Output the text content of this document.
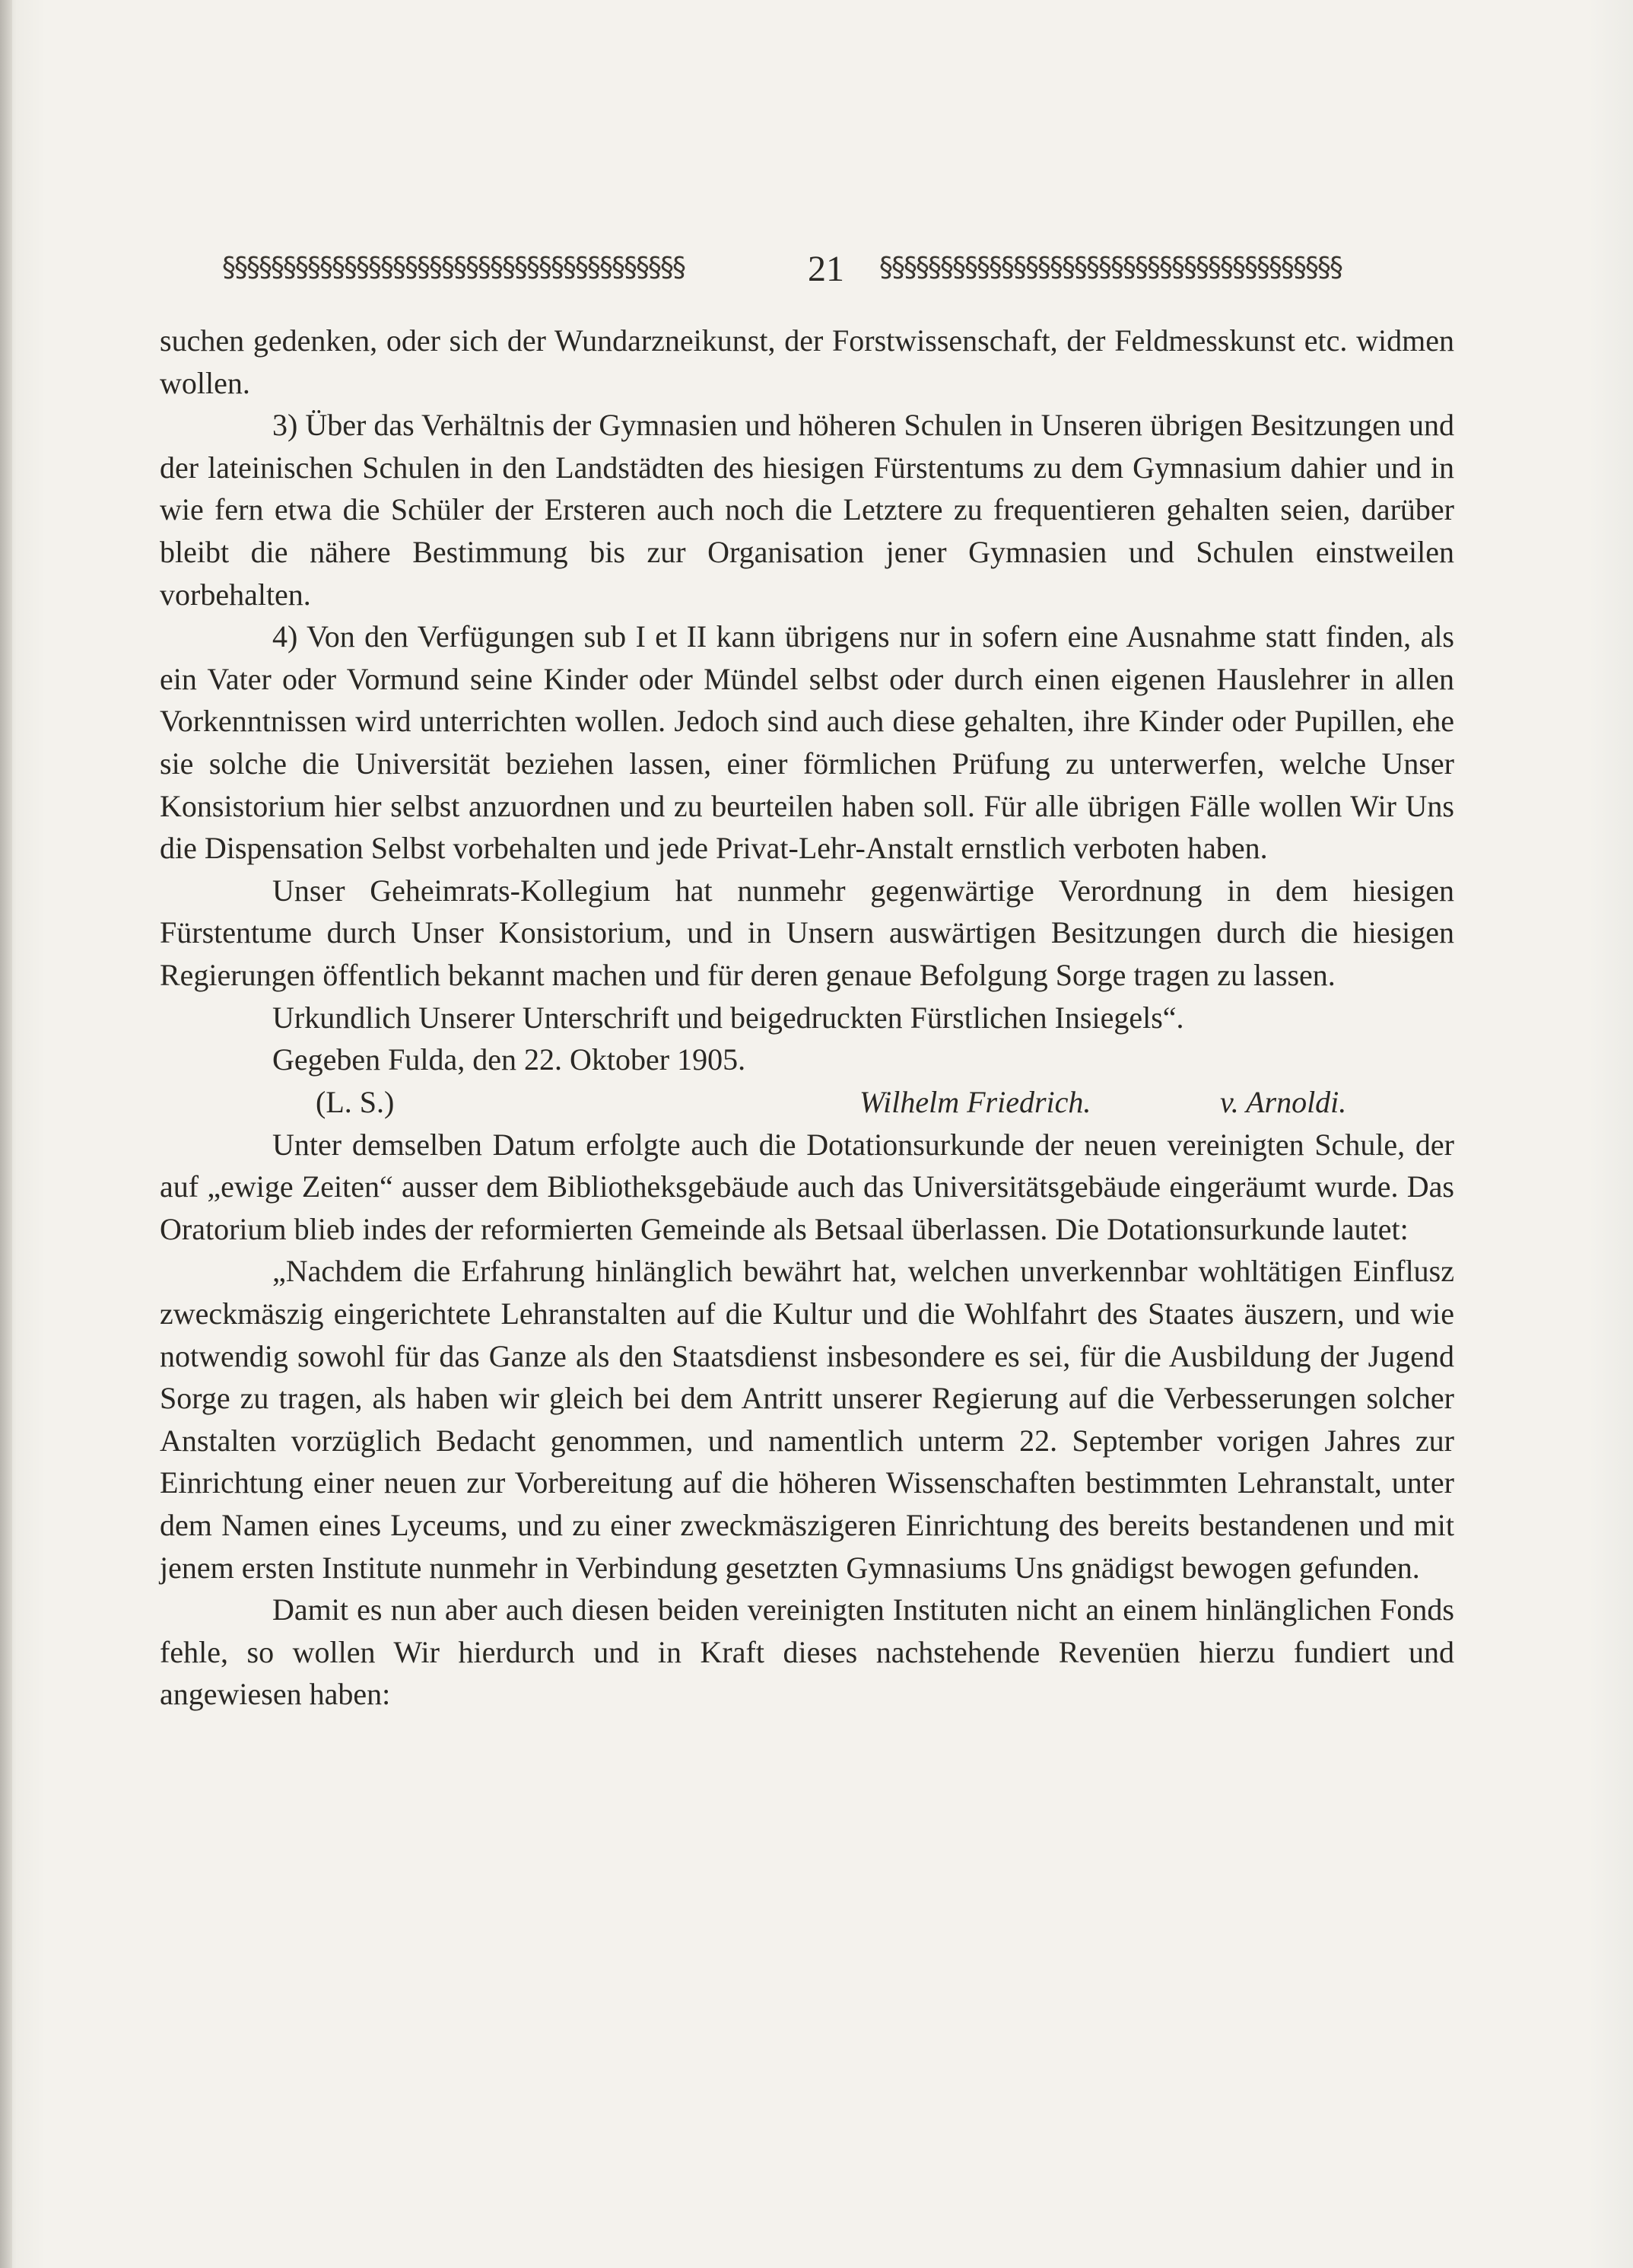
§§§§§§§§§§§§§§§§§§§§§§§§§§§§§§§§§§§§§§	21	§§§§§§§§§§§§§§§§§§§§§§§§§§§§§§§§§§§§§§

suchen gedenken, oder sich der Wundarzneikunst, der Forstwissenschaft, der Feldmesskunst etc. widmen wollen.

3) Über das Verhältnis der Gymnasien und höheren Schulen in Unseren übrigen Besitzungen und der lateinischen Schulen in den Landstädten des hiesigen Fürstentums zu dem Gymnasium dahier und in wie fern etwa die Schüler der Ersteren auch noch die Letztere zu frequentieren gehalten seien, darüber bleibt die nähere Bestimmung bis zur Organisation jener Gymnasien und Schulen einstweilen vorbehalten.

4) Von den Verfügungen sub I et II kann übrigens nur in sofern eine Ausnahme statt finden, als ein Vater oder Vormund seine Kinder oder Mündel selbst oder durch einen eigenen Hauslehrer in allen Vorkenntnissen wird unterrichten wollen. Jedoch sind auch diese gehalten, ihre Kinder oder Pupillen, ehe sie solche die Universität beziehen lassen, einer förmlichen Prüfung zu unterwerfen, welche Unser Konsistorium hier selbst anzuordnen und zu beurteilen haben soll. Für alle übrigen Fälle wollen Wir Uns die Dispensation Selbst vorbehalten und jede Privat-Lehr-Anstalt ernstlich verboten haben.

Unser Geheimrats-Kollegium hat nunmehr gegenwärtige Verordnung in dem hiesigen Fürstentume durch Unser Konsistorium, und in Unsern auswärtigen Besitzungen durch die hiesigen Regierungen öffentlich bekannt machen und für deren genaue Befolgung Sorge tragen zu lassen.

Urkundlich Unserer Unterschrift und beigedruckten Fürstlichen Insiegels“.

Gegeben Fulda, den 22. Oktober 1905.

(L. S.)	Wilhelm Friedrich.	v. Arnoldi.

Unter demselben Datum erfolgte auch die Dotationsurkunde der neuen vereinigten Schule, der auf „ewige Zeiten“ ausser dem Bibliotheksgebäude auch das Universitätsgebäude eingeräumt wurde. Das Oratorium blieb indes der reformierten Gemeinde als Betsaal überlassen. Die Dotationsurkunde lautet:

„Nachdem die Erfahrung hinlänglich bewährt hat, welchen unverkennbar wohltätigen Einflusz zweckmäszig eingerichtete Lehranstalten auf die Kultur und die Wohlfahrt des Staates äuszern, und wie notwendig sowohl für das Ganze als den Staatsdienst insbesondere es sei, für die Ausbildung der Jugend Sorge zu tragen, als haben wir gleich bei dem Antritt unserer Regierung auf die Verbesserungen solcher Anstalten vorzüglich Bedacht genommen, und namentlich unterm 22. September vorigen Jahres zur Einrichtung einer neuen zur Vorbereitung auf die höheren Wissenschaften bestimmten Lehranstalt, unter dem Namen eines Lyceums, und zu einer zweckmäszigeren Einrichtung des bereits bestandenen und mit jenem ersten Institute nunmehr in Verbindung gesetzten Gymnasiums Uns gnädigst bewogen gefunden.

Damit es nun aber auch diesen beiden vereinigten Instituten nicht an einem hinlänglichen Fonds fehle, so wollen Wir hierdurch und in Kraft dieses nachstehende Revenüen hierzu fundiert und angewiesen haben:
